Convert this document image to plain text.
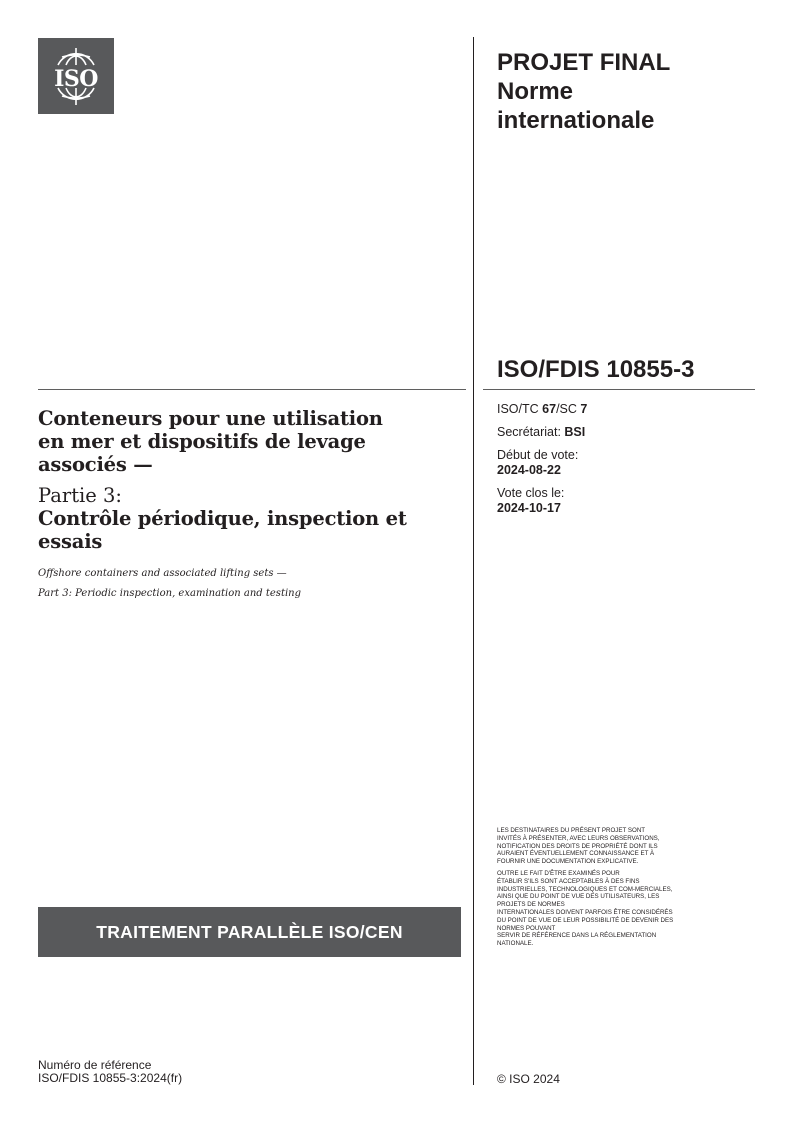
ISO
PROJET FINAL
Norme
internationale
ISO/FDIS 10855-3
ISO/TC 67/SC 7
Secrétariat: BSI
Début de vote:
2024-08-22
Vote clos le:
2024-10-17
Conteneurs pour une utilisation
en mer et dispositifs de levage
associés —
Partie 3:
Contrôle périodique, inspection et
essais
Offshore containers and associated lifting sets —
Part 3: Periodic inspection, examination and testing

LES DESTINATAIRES DU PRÉSENT PROJET SONT
INVITÉS À PRÉSENTER, AVEC LEURS OBSERVATIONS,
NOTIFICATION DES DROITS DE PROPRIÉTÉ DONT ILS
AURAIENT ÉVENTUELLEMENT CONNAISSANCE ET À
FOURNIR UNE DOCUMENTATION EXPLICATIVE.

OUTRE LE FAIT D'ÊTRE EXAMINÉS POUR
ÉTABLIR S'ILS SONT ACCEPTABLES À DES FINS
INDUSTRIELLES, TECHNOLOGIQUES ET COM-MERCIALES,
AINSI QUE DU POINT DE VUE DES UTILISATEURS, LES
PROJETS DE NORMES
INTERNATIONALES DOIVENT PARFOIS ÊTRE CONSIDÉRÉS
DU POINT DE VUE DE LEUR POSSIBILITÉ DE DEVENIR DES
NORMES POUVANT
SERVIR DE RÉFÉRENCE DANS LA RÉGLEMENTATION
NATIONALE.

TRAITEMENT PARALLÈLE ISO/CEN
Numéro de référence
ISO/FDIS 10855-3:2024(fr)	© ISO 2024
